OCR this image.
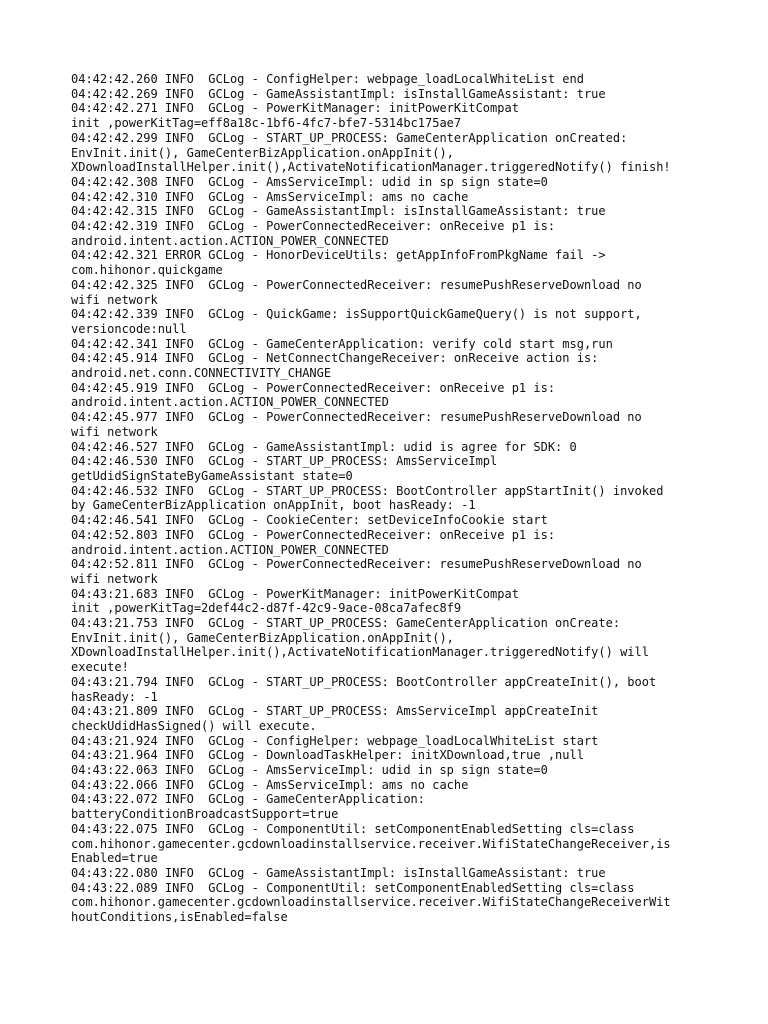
04:42:42.260 INFO  GCLog - ConfigHelper: webpage_loadLocalWhiteList end
04:42:42.269 INFO  GCLog - GameAssistantImpl: isInstallGameAssistant: true
04:42:42.271 INFO  GCLog - PowerKitManager: initPowerKitCompat
init ,powerKitTag=eff8a18c-1bf6-4fc7-bfe7-5314bc175ae7
04:42:42.299 INFO  GCLog - START_UP_PROCESS: GameCenterApplication onCreated:
EnvInit.init(), GameCenterBizApplication.onAppInit(),
XDownloadInstallHelper.init(),ActivateNotificationManager.triggeredNotify() finish!
04:42:42.308 INFO  GCLog - AmsServiceImpl: udid in sp sign state=0
04:42:42.310 INFO  GCLog - AmsServiceImpl: ams no cache
04:42:42.315 INFO  GCLog - GameAssistantImpl: isInstallGameAssistant: true
04:42:42.319 INFO  GCLog - PowerConnectedReceiver: onReceive p1 is:
android.intent.action.ACTION_POWER_CONNECTED
04:42:42.321 ERROR GCLog - HonorDeviceUtils: getAppInfoFromPkgName fail ->
com.hihonor.quickgame
04:42:42.325 INFO  GCLog - PowerConnectedReceiver: resumePushReserveDownload no
wifi network
04:42:42.339 INFO  GCLog - QuickGame: isSupportQuickGameQuery() is not support,
versioncode:null
04:42:42.341 INFO  GCLog - GameCenterApplication: verify cold start msg,run
04:42:45.914 INFO  GCLog - NetConnectChangeReceiver: onReceive action is:
android.net.conn.CONNECTIVITY_CHANGE
04:42:45.919 INFO  GCLog - PowerConnectedReceiver: onReceive p1 is:
android.intent.action.ACTION_POWER_CONNECTED
04:42:45.977 INFO  GCLog - PowerConnectedReceiver: resumePushReserveDownload no
wifi network
04:42:46.527 INFO  GCLog - GameAssistantImpl: udid is agree for SDK: 0
04:42:46.530 INFO  GCLog - START_UP_PROCESS: AmsServiceImpl
getUdidSignStateByGameAssistant state=0
04:42:46.532 INFO  GCLog - START_UP_PROCESS: BootController appStartInit() invoked
by GameCenterBizApplication onAppInit, boot hasReady: -1
04:42:46.541 INFO  GCLog - CookieCenter: setDeviceInfoCookie start
04:42:52.803 INFO  GCLog - PowerConnectedReceiver: onReceive p1 is:
android.intent.action.ACTION_POWER_CONNECTED
04:42:52.811 INFO  GCLog - PowerConnectedReceiver: resumePushReserveDownload no
wifi network
04:43:21.683 INFO  GCLog - PowerKitManager: initPowerKitCompat
init ,powerKitTag=2def44c2-d87f-42c9-9ace-08ca7afec8f9
04:43:21.753 INFO  GCLog - START_UP_PROCESS: GameCenterApplication onCreate:
EnvInit.init(), GameCenterBizApplication.onAppInit(),
XDownloadInstallHelper.init(),ActivateNotificationManager.triggeredNotify() will
execute!
04:43:21.794 INFO  GCLog - START_UP_PROCESS: BootController appCreateInit(), boot
hasReady: -1
04:43:21.809 INFO  GCLog - START_UP_PROCESS: AmsServiceImpl appCreateInit
checkUdidHasSigned() will execute.
04:43:21.924 INFO  GCLog - ConfigHelper: webpage_loadLocalWhiteList start
04:43:21.964 INFO  GCLog - DownloadTaskHelper: initXDownload,true ,null
04:43:22.063 INFO  GCLog - AmsServiceImpl: udid in sp sign state=0
04:43:22.066 INFO  GCLog - AmsServiceImpl: ams no cache
04:43:22.072 INFO  GCLog - GameCenterApplication:
batteryConditionBroadcastSupport=true
04:43:22.075 INFO  GCLog - ComponentUtil: setComponentEnabledSetting cls=class
com.hihonor.gamecenter.gcdownloadinstallservice.receiver.WifiStateChangeReceiver,is
Enabled=true
04:43:22.080 INFO  GCLog - GameAssistantImpl: isInstallGameAssistant: true
04:43:22.089 INFO  GCLog - ComponentUtil: setComponentEnabledSetting cls=class
com.hihonor.gamecenter.gcdownloadinstallservice.receiver.WifiStateChangeReceiverWit
houtConditions,isEnabled=false
